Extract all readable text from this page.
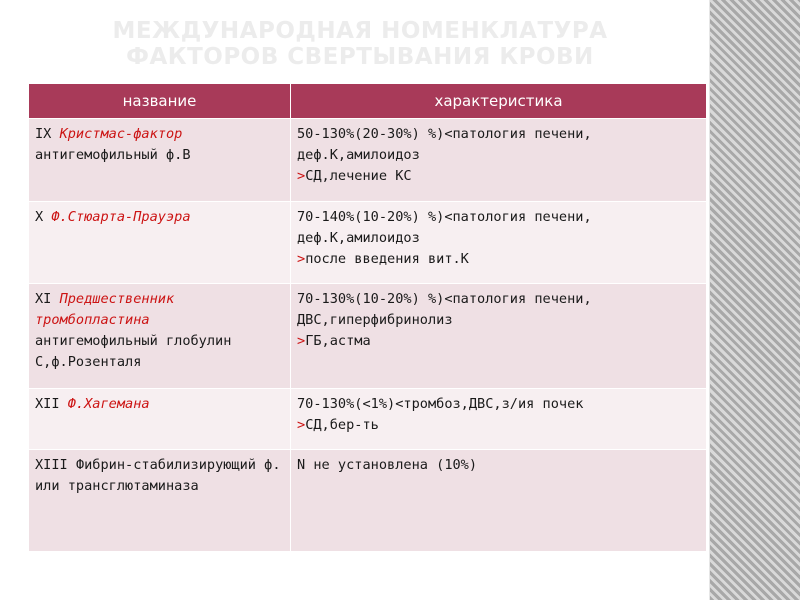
МЕЖДУНАРОДНАЯ НОМЕНКЛАТУРА ФАКТОРОВ СВЕРТЫВАНИЯ КРОВИ
название	характеристика
IX Кристмас-фактор
антигемофильный ф.В	50-130%(20-30%) %)<патология печени,
деф.К,амилоидоз
>СД,лечение КС
X Ф.Стюарта-Прауэра	70-140%(10-20%) %)<патология печени,
деф.К,амилоидоз
>после введения вит.К
XI Предшественник тромбопластина
антигемофильный глобулин С,ф.Розенталя	70-130%(10-20%) %)<патология печени,
ДВС,гиперфибринолиз
>ГБ,астма
XII Ф.Хагемана	70-130%(<1%)<тромбоз,ДВС,з/ия почек
>СД,бер-ть
XIII Фибрин-стабилизирующий ф. или трансглютаминаза	N не установлена (10%)
